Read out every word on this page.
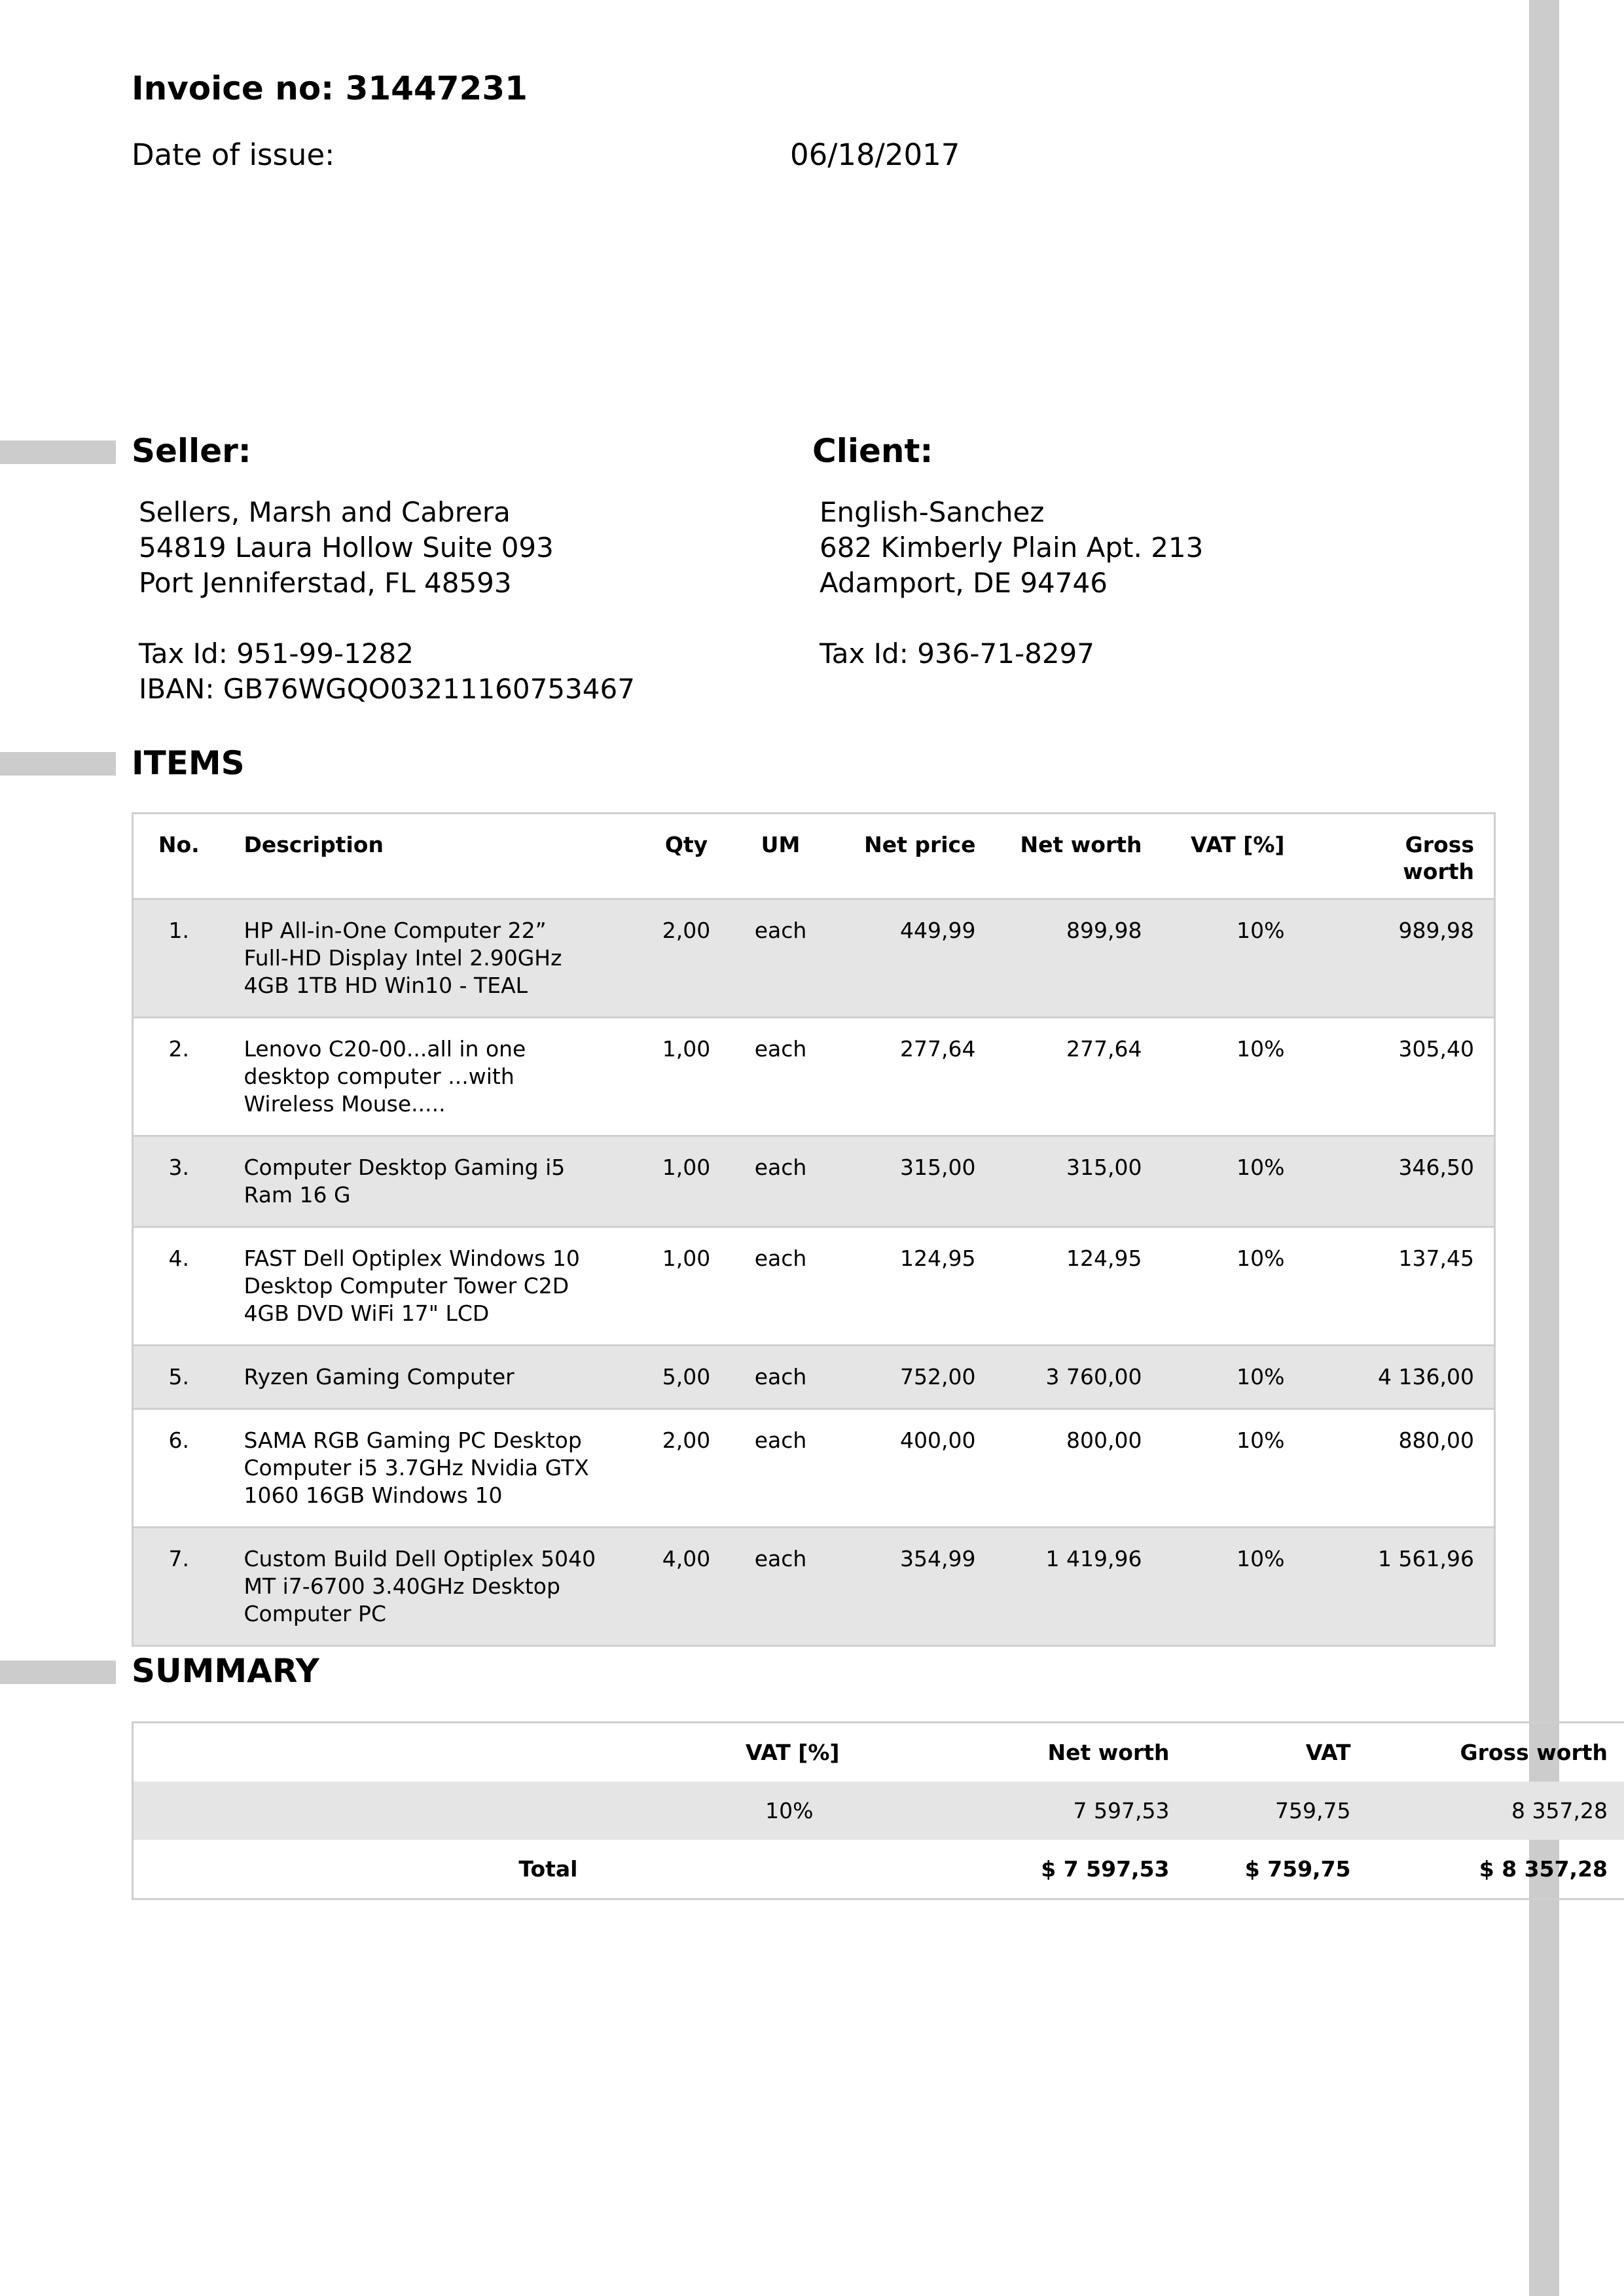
Invoice no: 31447231
Date of issue:	06/18/2017
Seller:	Client:
Sellers, Marsh and Cabrera
54819 Laura Hollow Suite 093
Port Jenniferstad, FL 48593
Tax Id: 951-99-1282
IBAN: GB76WGQO03211160753467
English-Sanchez
682 Kimberly Plain Apt. 213
Adamport, DE 94746
Tax Id: 936-71-8297
ITEMS
No.	Description	Qty	UM	Net price	Net worth	VAT [%]	Gross
worth
1.	HP All-in-One Computer 22”
Full-HD Display Intel 2.90GHz
4GB 1TB HD Win10 - TEAL	2,00	each	449,99	899,98	10%	989,98
2.	Lenovo C20-00...all in one
desktop computer ...with
Wireless Mouse.....	1,00	each	277,64	277,64	10%	305,40
3.	Computer Desktop Gaming i5
Ram 16 G	1,00	each	315,00	315,00	10%	346,50
4.	FAST Dell Optiplex Windows 10
Desktop Computer Tower C2D
4GB DVD WiFi 17" LCD	1,00	each	124,95	124,95	10%	137,45
5.	Ryzen Gaming Computer	5,00	each	752,00	3 760,00	10%	4 136,00
6.	SAMA RGB Gaming PC Desktop
Computer i5 3.7GHz Nvidia GTX
1060 16GB Windows 10	2,00	each	400,00	800,00	10%	880,00
7.	Custom Build Dell Optiplex 5040
MT i7-6700 3.40GHz Desktop
Computer PC	4,00	each	354,99	1 419,96	10%	1 561,96
SUMMARY
	VAT [%]	Net worth	VAT	Gross worth
	10%	7 597,53	759,75	8 357,28
Total		$ 7 597,53	$ 759,75	$ 8 357,28
